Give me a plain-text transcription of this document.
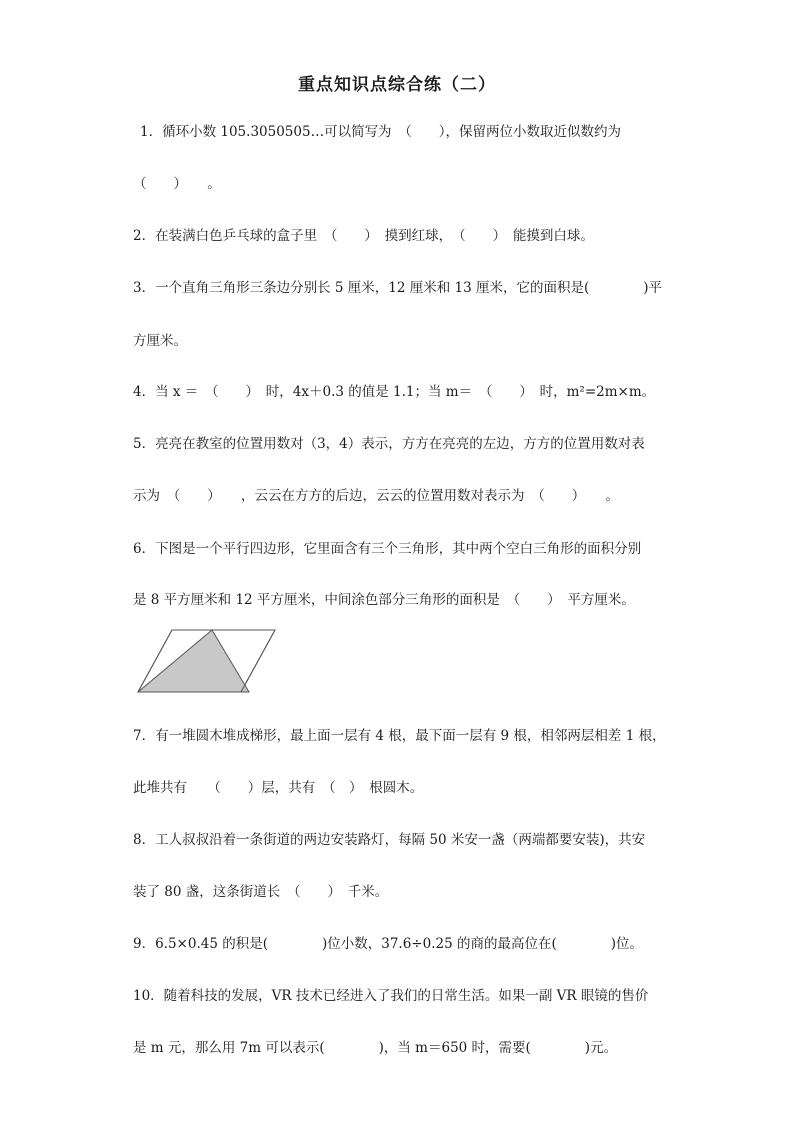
重点知识点综合练（二）
1．循环小数 105.3050505…可以简写为　（　　），保留两位小数取近似数约为
（　　）　　。
2．在装满白色乒乓球的盒子里　（　　）　摸到红球，　（　　）　能摸到白球。
3．一个直角三角形三条边分别长 5 厘米，12 厘米和 13 厘米，它的面积是(　　　　)平
方厘米。
4．当 x ＝　（　　）　时，4x＋0.3 的值是 1.1；当 m＝　（　　）　时，m²=2m×m。
5．亮亮在教室的位置用数对（3，4）表示，方方在亮亮的左边，方方的位置用数对表
示为　（　　）　　，云云在方方的后边，云云的位置用数对表示为　（　　）　　。
6．下图是一个平行四边形，它里面含有三个三角形，其中两个空白三角形的面积分别
是 8 平方厘米和 12 平方厘米，中间涂色部分三角形的面积是　（　　）　平方厘米。
7．有一堆圆木堆成梯形，最上面一层有 4 根，最下面一层有 9 根，相邻两层相差 1 根，
此堆共有　　（　　）层，共有　（　）　根圆木。
8．工人叔叔沿着一条街道的两边安装路灯，每隔 50 米安一盏（两端都要安装)，共安
装了 80 盏，这条街道长　（　　）　千米。
9．6.5×0.45 的积是(　　　　)位小数，37.6÷0.25 的商的最高位在(　　　　)位。
10．随着科技的发展，VR 技术已经进入了我们的日常生活。如果一副 VR 眼镜的售价
是 m 元，那么用 7m 可以表示(　　　　)，当 m＝650 时，需要(　　　　)元。
